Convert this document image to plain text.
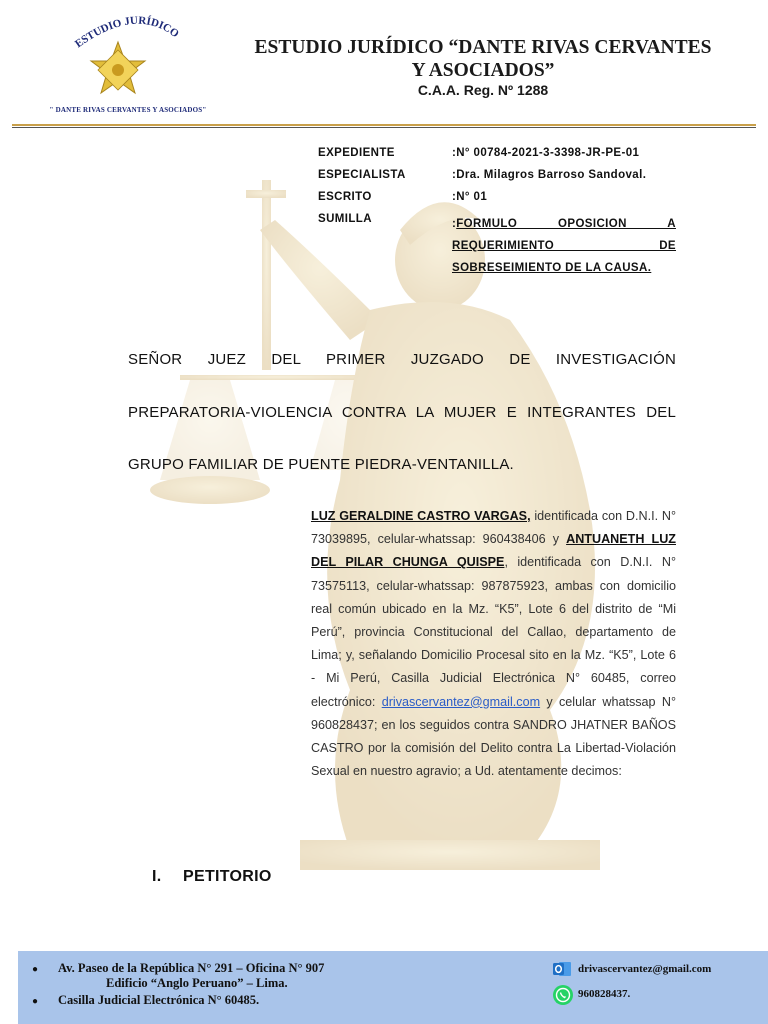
ESTUDIO JURÍDICO
" DANTE RIVAS CERVANTES Y ASOCIADOS"
ESTUDIO JURÍDICO “DANTE RIVAS CERVANTES
Y ASOCIADOS”
C.A.A. Reg. Nº 1288
EXPEDIENTE	:N° 00784-2021-3-3398-JR-PE-01
ESPECIALISTA	:Dra. Milagros Barroso Sandoval.
ESCRITO	:N° 01
SUMILLA	:FORMULO OPOSICION A
REQUERIMIENTO DE
SOBRESEIMIENTO DE LA CAUSA.
SEÑOR JUEZ DEL PRIMER JUZGADO DE INVESTIGACIÓN
PREPARATORIA-VIOLENCIA CONTRA LA MUJER E INTEGRANTES DEL
GRUPO FAMILIAR DE PUENTE PIEDRA-VENTANILLA.
LUZ GERALDINE CASTRO VARGAS, identificada con D.N.I. N° 73039895, celular-whatssap: 960438406 y ANTUANETH LUZ DEL PILAR CHUNGA QUISPE, identificada con D.N.I. N° 73575113, celular-whatssap: 987875923, ambas con domicilio real común ubicado en la Mz. “K5”, Lote 6 del distrito de “Mi Perú”, provincia Constitucional del Callao, departamento de Lima; y, señalando Domicilio Procesal sito en la Mz. “K5”, Lote 6 - Mi Perú, Casilla Judicial Electrónica N° 60485, correo electrónico: drivascervantez@gmail.com y celular whatssap N° 960828437; en los seguidos contra SANDRO JHATNER BAÑOS CASTRO por la comisión del Delito contra La Libertad-Violación Sexual en nuestro agravio; a Ud. atentamente decimos:
I. PETITORIO
● Av. Paseo de la República N° 291 – Oficina N° 907
Edificio “Anglo Peruano” – Lima.
● Casilla Judicial Electrónica N° 60485.
drivascervantez@gmail.com
960828437.
